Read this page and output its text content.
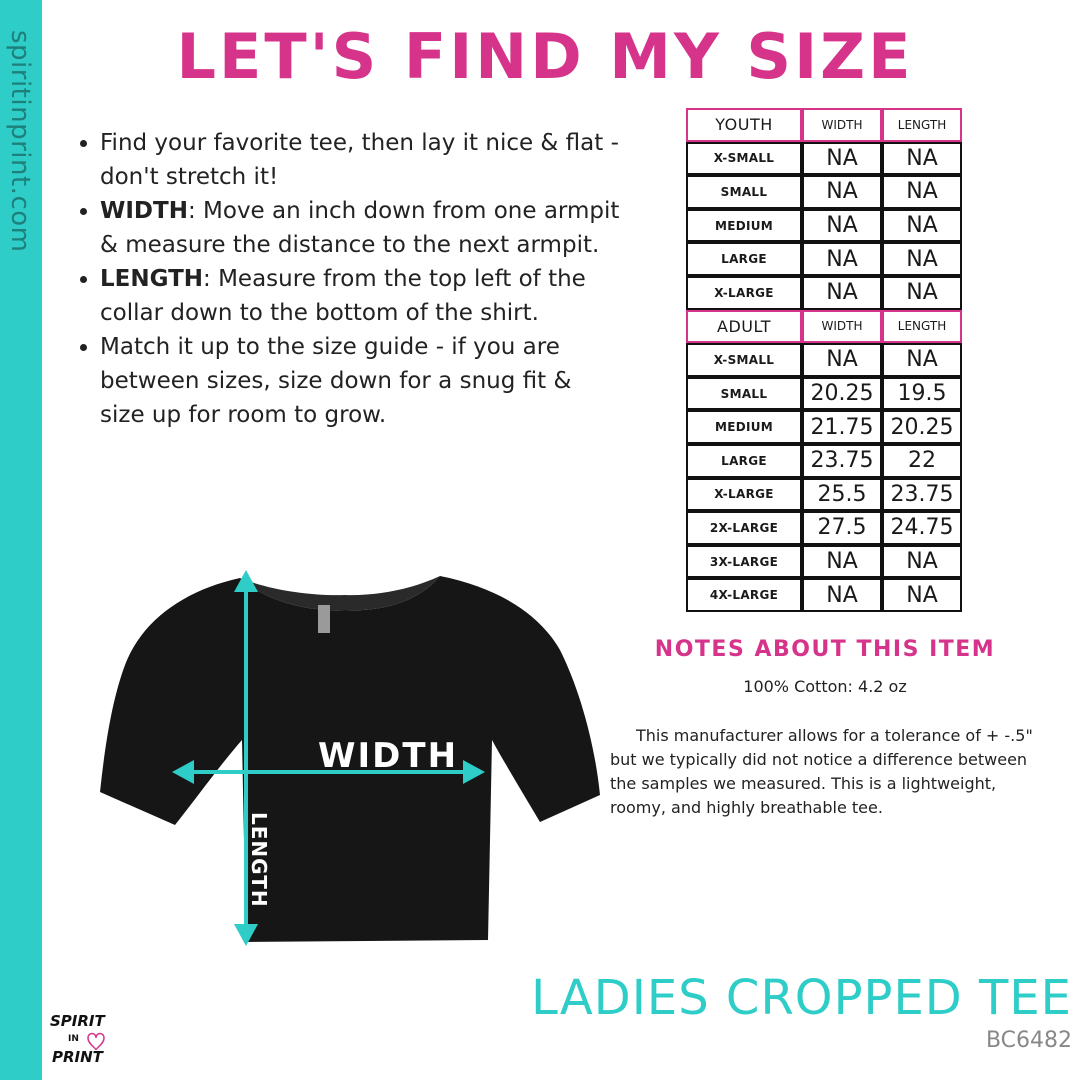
spiritinprint.com	LET'S FIND MY SIZE
• Find your favorite tee, then lay it nice & flat - don't stretch it!
• WIDTH: Move an inch down from one armpit & measure the distance to the next armpit.
• LENGTH: Measure from the top left of the collar down to the bottom of the shirt.
• Match it up to the size guide - if you are between sizes, size down for a snug fit & size up for room to grow.
YOUTH	WIDTH	LENGTH
X-SMALL	NA	NA
SMALL	NA	NA
MEDIUM	NA	NA
LARGE	NA	NA
X-LARGE	NA	NA
ADULT	WIDTH	LENGTH
X-SMALL	NA	NA
SMALL	20.25	19.5
MEDIUM	21.75	20.25
LARGE	23.75	22
X-LARGE	25.5	23.75
2X-LARGE	27.5	24.75
3X-LARGE	NA	NA
4X-LARGE	NA	NA
WIDTH
LENGTH
NOTES ABOUT THIS ITEM
100% Cotton: 4.2 oz
This manufacturer allows for a tolerance of + -.5" but we typically did not notice a difference between the samples we measured. This is a lightweight, roomy, and highly breathable tee.
SPIRIT
IN
PRINT
LADIES CROPPED TEE
BC6482
